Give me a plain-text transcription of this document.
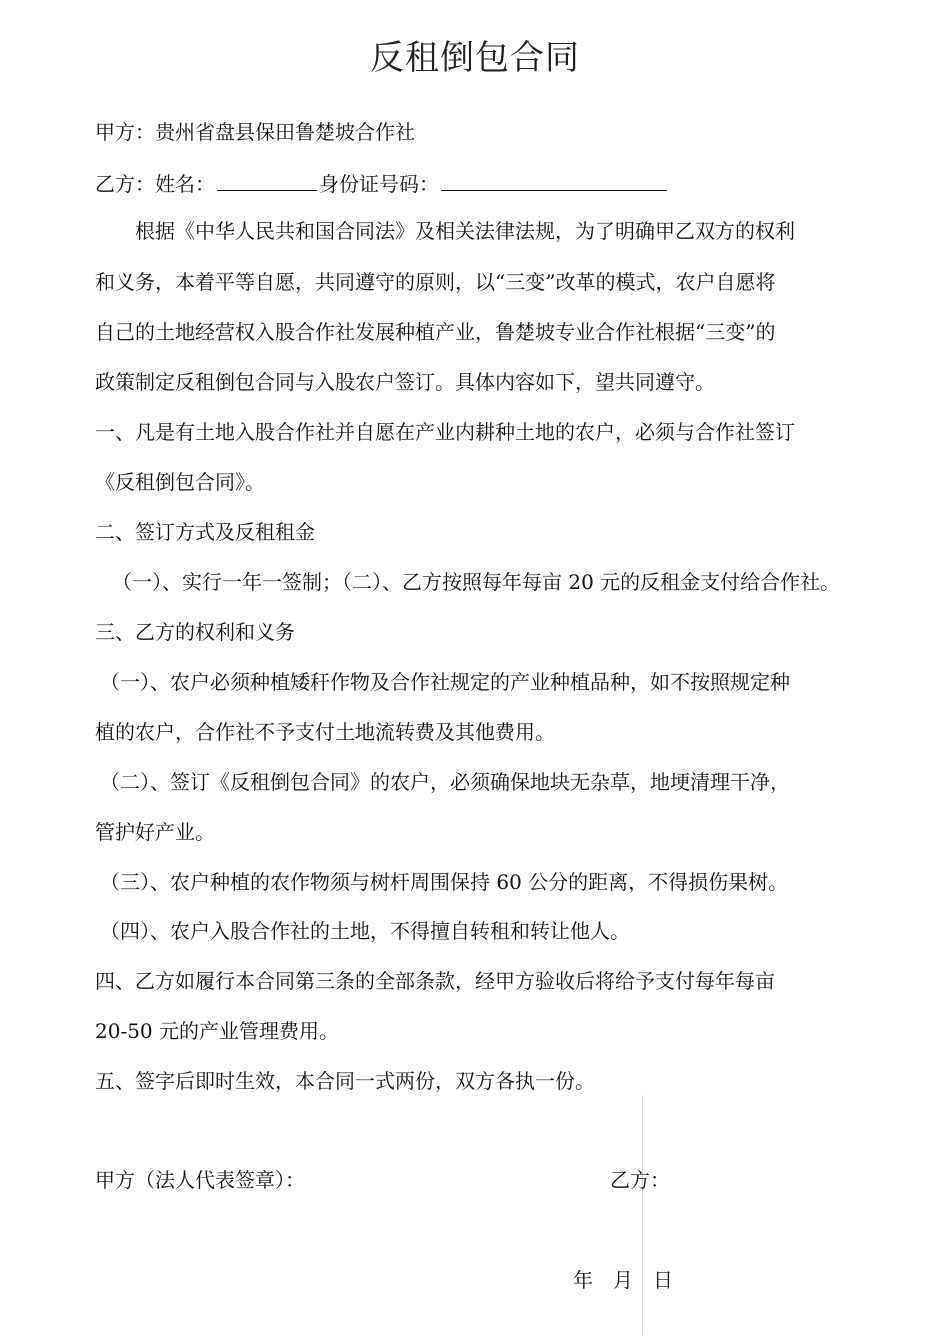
反租倒包合同
甲方：贵州省盘县保田鲁楚坡合作社
乙方：姓名：	身份证号码：
根据《中华人民共和国合同法》及相关法律法规，为了明确甲乙双方的权利
和义务，本着平等自愿，共同遵守的原则，以“三变”改革的模式，农户自愿将
自己的土地经营权入股合作社发展种植产业，鲁楚坡专业合作社根据“三变”的
政策制定反租倒包合同与入股农户签订。具体内容如下，望共同遵守。
一、凡是有土地入股合作社并自愿在产业内耕种土地的农户，必须与合作社签订
《反租倒包合同》。
二、签订方式及反租租金
（一）、实行一年一签制；（二）、乙方按照每年每亩 20 元的反租金支付给合作社。
三、乙方的权利和义务
（一）、农户必须种植矮秆作物及合作社规定的产业种植品种，如不按照规定种
植的农户，合作社不予支付土地流转费及其他费用。
（二）、签订《反租倒包合同》的农户，必须确保地块无杂草，地埂清理干净，
管护好产业。
（三）、农户种植的农作物须与树杆周围保持 60 公分的距离，不得损伤果树。
（四）、农户入股合作社的土地，不得擅自转租和转让他人。
四、乙方如履行本合同第三条的全部条款，经甲方验收后将给予支付每年每亩
20-50 元的产业管理费用。
五、签字后即时生效，本合同一式两份，双方各执一份。
甲方（法人代表签章）：	乙方：
年　月　日
